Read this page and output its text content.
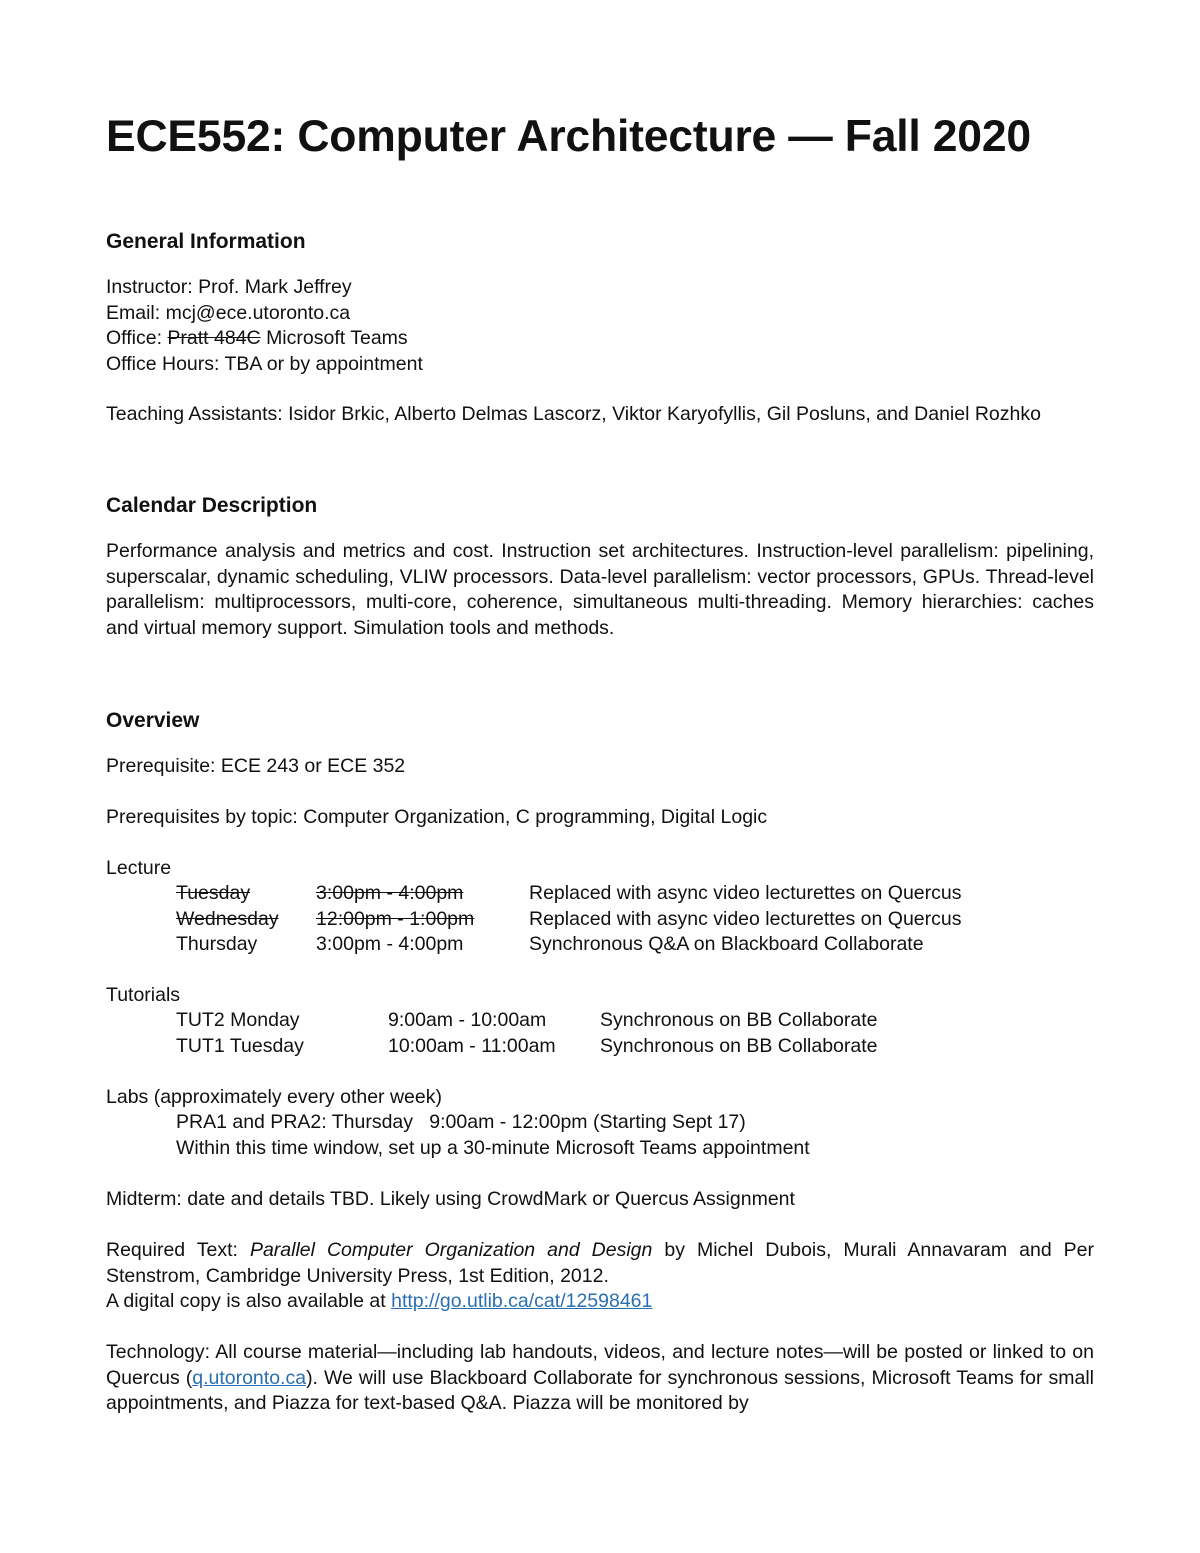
ECE552: Computer Architecture — Fall 2020
General Information
Instructor: Prof. Mark Jeffrey
Email: mcj@ece.utoronto.ca
Office: Pratt 484C Microsoft Teams
Office Hours: TBA or by appointment
Teaching Assistants: Isidor Brkic, Alberto Delmas Lascorz, Viktor Karyofyllis, Gil Posluns, and Daniel Rozhko
Calendar Description
Performance analysis and metrics and cost. Instruction set architectures. Instruction-level parallelism: pipelining, superscalar, dynamic scheduling, VLIW processors. Data-level parallelism: vector processors, GPUs. Thread-level parallelism: multiprocessors, multi-core, coherence, simultaneous multi-threading. Memory hierarchies: caches and virtual memory support. Simulation tools and methods.
Overview
Prerequisite: ECE 243 or ECE 352
Prerequisites by topic: Computer Organization, C programming, Digital Logic
Lecture
Tuesday	3:00pm - 4:00pm	Replaced with async video lecturettes on Quercus
Wednesday	12:00pm - 1:00pm	Replaced with async video lecturettes on Quercus
Thursday	3:00pm - 4:00pm	Synchronous Q&A on Blackboard Collaborate
Tutorials
TUT2 Monday	9:00am - 10:00am	Synchronous on BB Collaborate
TUT1 Tuesday	10:00am - 11:00am Synchronous on BB Collaborate
Labs (approximately every other week)
PRA1 and PRA2: Thursday   9:00am - 12:00pm (Starting Sept 17)
Within this time window, set up a 30-minute Microsoft Teams appointment
Midterm: date and details TBD. Likely using CrowdMark or Quercus Assignment
Required Text: Parallel Computer Organization and Design by Michel Dubois, Murali Annavaram and Per Stenstrom, Cambridge University Press, 1st Edition, 2012.
A digital copy is also available at http://go.utlib.ca/cat/12598461
Technology: All course material—including lab handouts, videos, and lecture notes—will be posted or linked to on Quercus (q.utoronto.ca). We will use Blackboard Collaborate for synchronous sessions, Microsoft Teams for small appointments, and Piazza for text-based Q&A. Piazza will be monitored by
